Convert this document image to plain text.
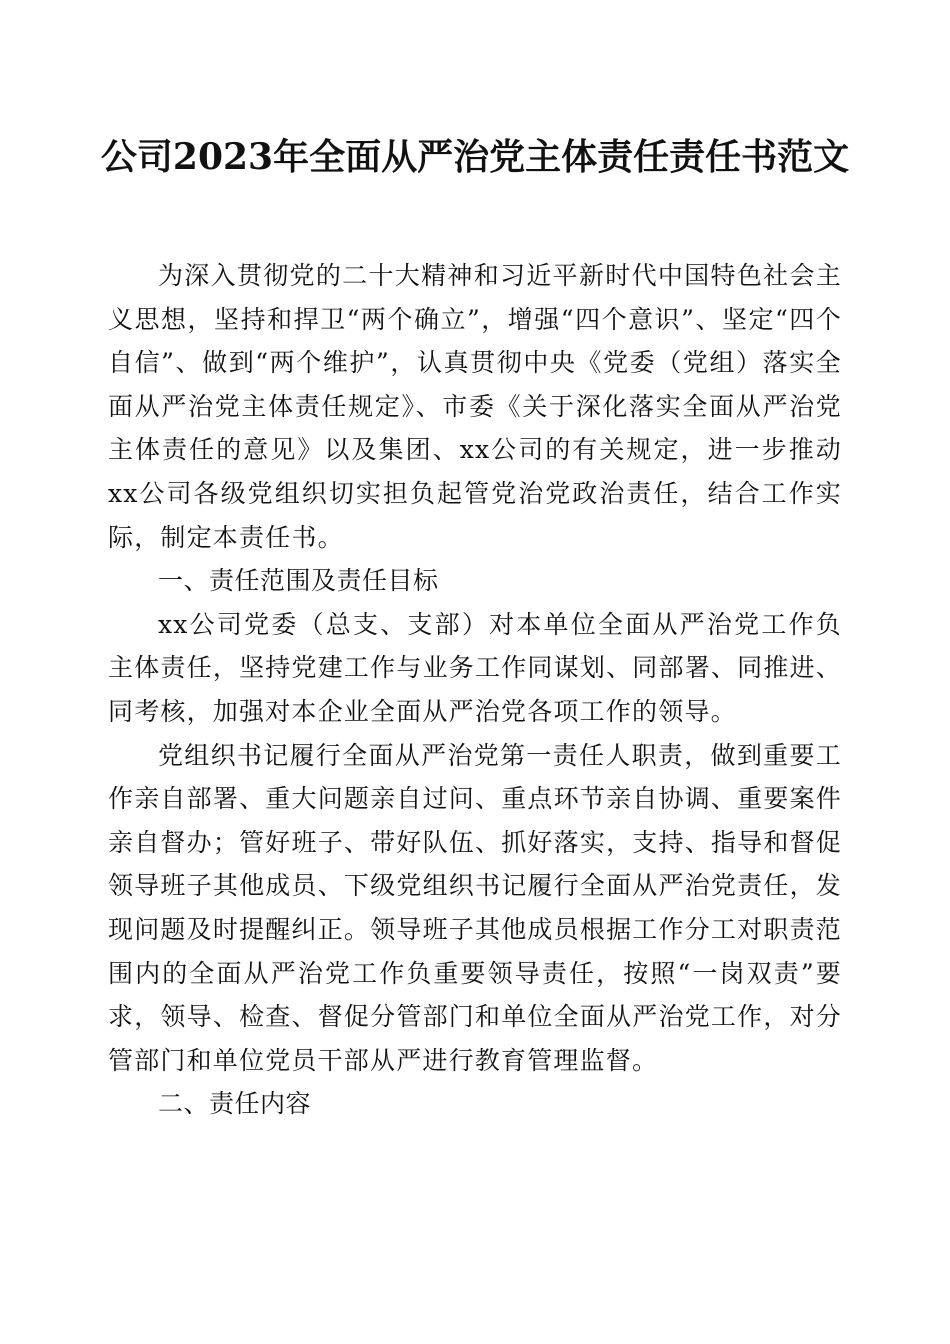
公司2023年全面从严治党主体责任责任书范文

为深入贯彻党的二十大精神和习近平新时代中国特色社会主义思想，坚持和捍卫“两个确立”，增强“四个意识”、坚定“四个自信”、做到“两个维护”，认真贯彻中央《党委（党组）落实全面从严治党主体责任规定》、市委《关于深化落实全面从严治党主体责任的意见》以及集团、xx公司的有关规定，进一步推动xx公司各级党组织切实担负起管党治党政治责任，结合工作实际，制定本责任书。

一、责任范围及责任目标

xx公司党委（总支、支部）对本单位全面从严治党工作负主体责任，坚持党建工作与业务工作同谋划、同部署、同推进、同考核，加强对本企业全面从严治党各项工作的领导。

党组织书记履行全面从严治党第一责任人职责，做到重要工作亲自部署、重大问题亲自过问、重点环节亲自协调、重要案件亲自督办；管好班子、带好队伍、抓好落实，支持、指导和督促领导班子其他成员、下级党组织书记履行全面从严治党责任，发现问题及时提醒纠正。领导班子其他成员根据工作分工对职责范围内的全面从严治党工作负重要领导责任，按照“一岗双责”要求，领导、检查、督促分管部门和单位全面从严治党工作，对分管部门和单位党员干部从严进行教育管理监督。

二、责任内容
